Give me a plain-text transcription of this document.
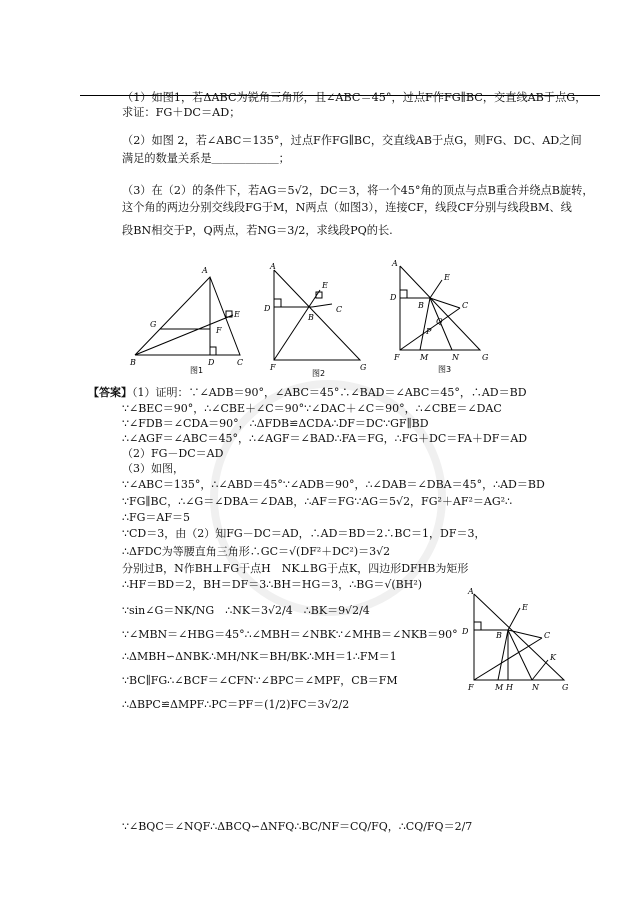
（1）如图1，若ΔABC为锐角三角形，且∠ABC＝45°，过点F作FG∥BC，交直线AB于点G，
求证：FG＋DC＝AD；
（2）如图 2，若∠ABC＝135°，过点F作FG∥BC，交直线AB于点G，则FG、DC、AD之间
满足的数量关系是＿＿＿＿＿＿；
（3）在（2）的条件下，若AG＝5√2，DC＝3，将一个45°角的顶点与点B重合并绕点B旋转，
这个角的两边分别交线段FG于M，N两点（如图3），连接CF，线段CF分别与线段BM、线
段BN相交于P，Q两点，若NG＝3/2，求线段PQ的长.
A
G
E
F
B	D	C
图1
A
E
D
B
C
F	G
图2
A
E
D
B	C
Q
P
F	M	N	G
图3
【答案】（1）证明：∵∠ADB＝90°，∠ABC＝45°∴∠BAD＝∠ABC＝45°，∴AD＝BD
∵∠BEC＝90°，∴∠CBE＋∠C＝90°∵∠DAC＋∠C＝90°，∴∠CBE＝∠DAC
∵∠FDB＝∠CDA＝90°，∴ΔFDB≌ΔCDA∴DF＝DC∵GF∥BD
∴∠AGF＝∠ABC＝45°，∴∠AGF＝∠BAD∴FA＝FG，∴FG＋DC＝FA＋DF＝AD
（2）FG－DC＝AD
（3）如图，
∵∠ABC＝135°，∴∠ABD＝45°∵∠ADB＝90°，∴∠DAB＝∠DBA＝45°，∴AD＝BD
∵FG∥BC，∴∠G＝∠DBA＝∠DAB，∴AF＝FG∵AG＝5√2，FG²＋AF²＝AG²∴
∴FG＝AF＝5
∵CD＝3，由（2）知FG－DC＝AD，∴AD＝BD＝2∴BC＝1，DF＝3，
∴ΔFDC为等腰直角三角形∴GC＝√(DF²＋DC²)＝3√2
分别过B，N作BH⊥FG于点H　NK⊥BG于点K，四边形DFHB为矩形
∴HF＝BD＝2，BH＝DF＝3∴BH＝HG＝3，∴BG＝√(BH²)
∵sin∠G＝NK/NG　∴NK＝3√2/4　∴BK＝9√2/4
∵∠MBN＝∠HBG＝45°∴∠MBH＝∠NBK∵∠MHB＝∠NKB＝90°
∴ΔMBH∽ΔNBK∴MH/NK＝BH/BK∴MH＝1∴FM＝1
∵BC∥FG∴∠BCF＝∠CFN∵∠BPC＝∠MPF，CB＝FM
∴ΔBPC≌ΔMPF∴PC＝PF＝(1/2)FC＝3√2/2
A
E
D	B	C
K
F	M H N	G
∵∠BQC＝∠NQF∴ΔBCQ∽ΔNFQ∴BC/NF＝CQ/FQ，∴CQ/FQ＝2/7
